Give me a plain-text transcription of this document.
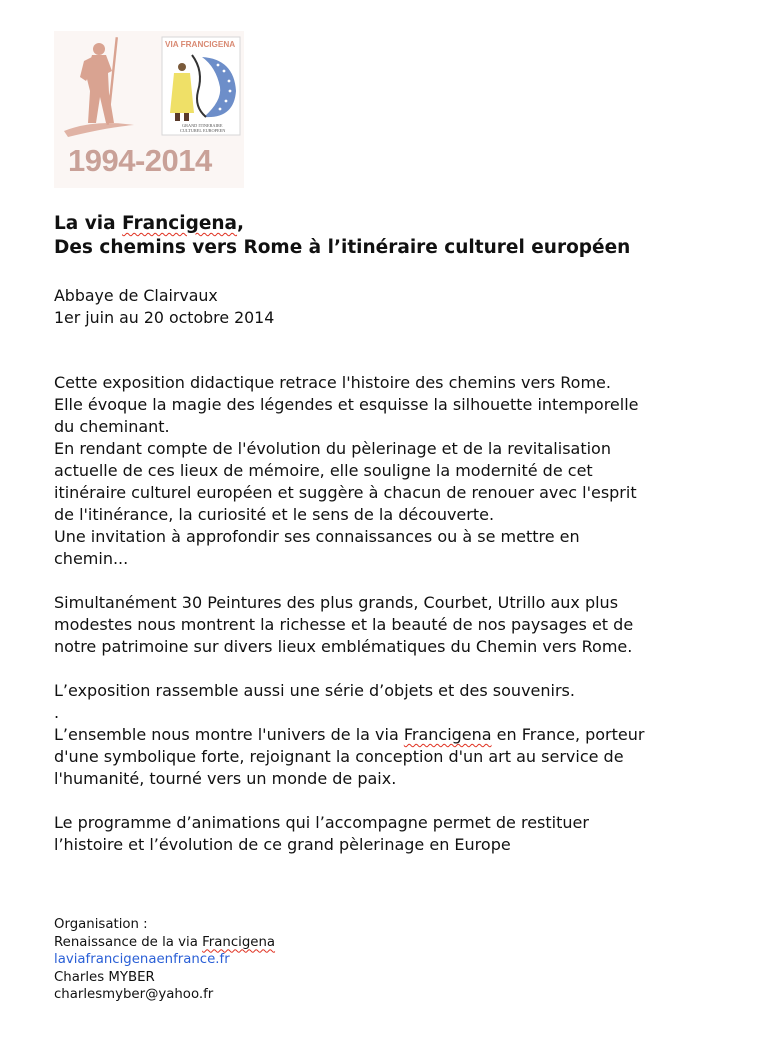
VIA FRANCIGENA
GRAND ITINERAIRE
CULTUREL EUROPEEN
1994-2014
La via Francigena,
Des chemins vers Rome à l’itinéraire culturel européen
Abbaye de Clairvaux
1er juin au 20 octobre 2014

Cette exposition didactique retrace l'histoire des chemins vers Rome.

Elle évoque la magie des légendes et esquisse la silhouette intemporelle

du cheminant.

En rendant compte de l'évolution du pèlerinage et de la revitalisation

actuelle de ces lieux de mémoire, elle souligne la modernité de cet

itinéraire culturel européen et suggère à chacun de renouer avec l'esprit

de l'itinérance, la curiosité et le sens de la découverte.

Une invitation à approfondir ses connaissances ou à se mettre en

chemin...

Simultanément 30 Peintures des plus grands, Courbet, Utrillo aux plus

modestes nous montrent la richesse et la beauté de nos paysages et de

notre patrimoine sur divers lieux emblématiques du Chemin vers Rome.

L’exposition rassemble aussi une série d’objets et des souvenirs.

.

L’ensemble nous montre l'univers de la via Francigena en France, porteur

d'une symbolique forte, rejoignant la conception d'un art au service de

l'humanité, tourné vers un monde de paix.

Le programme d’animations qui l’accompagne permet de restituer

l’histoire et l’évolution de ce grand pèlerinage en Europe

Organisation :
Renaissance de la via Francigena
laviafrancigenaenfrance.fr
Charles MYBER
charlesmyber@yahoo.fr
